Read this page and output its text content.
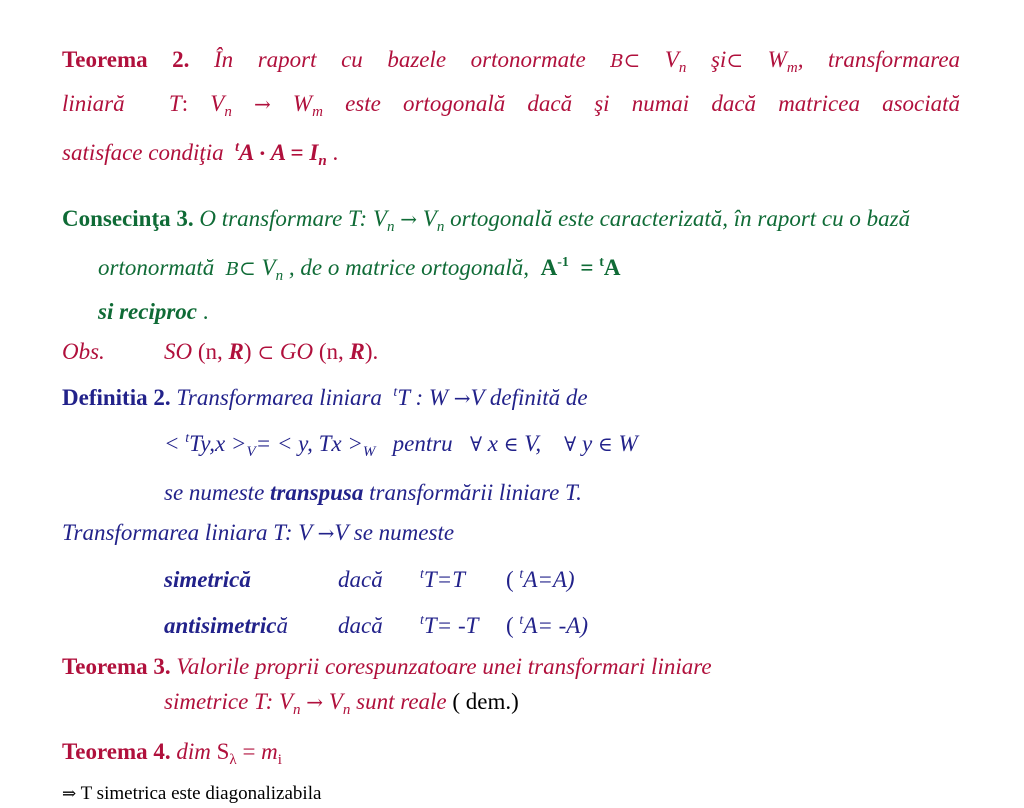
Teorema 2. În raport cu bazele ortonormate B⊂ $V_n$ şi⊂ $W_m$, transformarea

liniară T: $V_n \to W_m$ este ortogonală dacă şi numai dacă matricea asociată

satisface condiţia $^tA \cdot A = I_n$ .

Consecinţa 3. O transformare T: $V_n \to V_n$ ortogonală este caracterizată, în raport cu o bază ortonormată B⊂ $V_n$ , de o matrice ortogonală, $A^{-1} = ^tA$
si reciproc .

Obs.	SO (n, R) ⊂ GO (n, R).

Definitia 2. Transformarea liniara $^t$T : W →V definită de

< $^tTy,x >_V= < y$, $Tx >_W$ pentru ∀ x ∈ V, ∀ y ∈ W

se numeste transpusa transformării liniare T.

Transformarea liniara T: V →V se numeste

simetrică	dacă	$^t$T=T ( $^t$A=A)

antisimetrică dacă	$^t$T= -T ( $^t$A= -A)

Teorema 3. Valorile proprii corespunzatoare unei transformari liniare

simetrice T: $V_n \to V_n$ sunt reale ( dem.)

Teorema 4. dim $S_\lambda = m_i$

⇒ T simetrica este diagonalizabila
